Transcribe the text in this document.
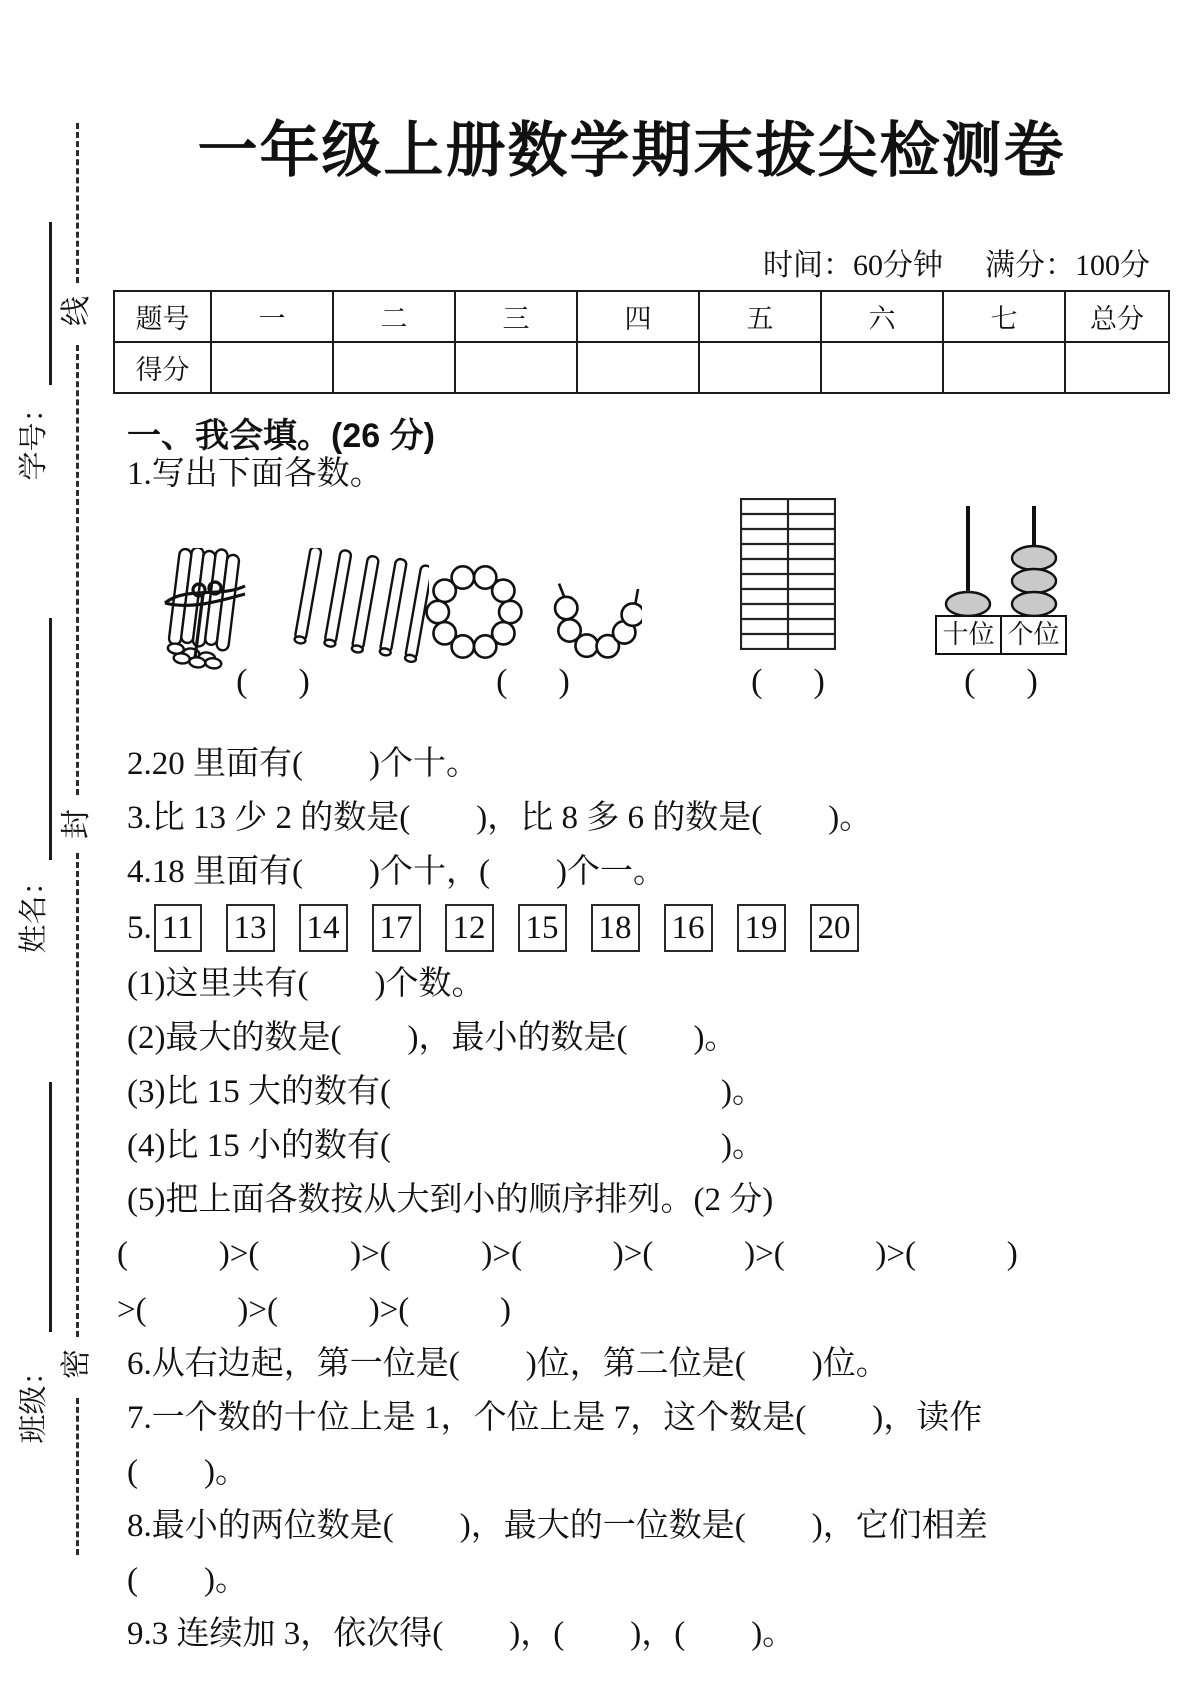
线
封
密
学号：
姓名：
班级：
一年级上册数学期末拔尖检测卷
时间：60分钟 满分：100分
题号	一	二	三	四	五	六	七	总分
得分								
一、我会填。(26 分)
1.写出下面各数。
(      )	(      )	(      )
十位 个位
(      )
2.20 里面有(        )个十。
3.比 13 少 2 的数是(        )，比 8 多 6 的数是(        )。
4.18 里面有(        )个十，(        )个一。
5. 11 13 14 17 12 15 18 16 19 20
(1)这里共有(        )个数。
(2)最大的数是(        )，最小的数是(        )。
(3)比 15 大的数有(                                        )。
(4)比 15 小的数有(                                        )。
(5)把上面各数按从大到小的顺序排列。(2 分)
(           )>(           )>(           )>(           )>(           )>(           )>(           )
>(           )>(           )>(           )
6.从右边起，第一位是(        )位，第二位是(        )位。
7.一个数的十位上是 1，个位上是 7，这个数是(        )，读作
(        )。
8.最小的两位数是(        )，最大的一位数是(        )，它们相差
(        )。
9.3 连续加 3，依次得(        )，(        )，(        )。
